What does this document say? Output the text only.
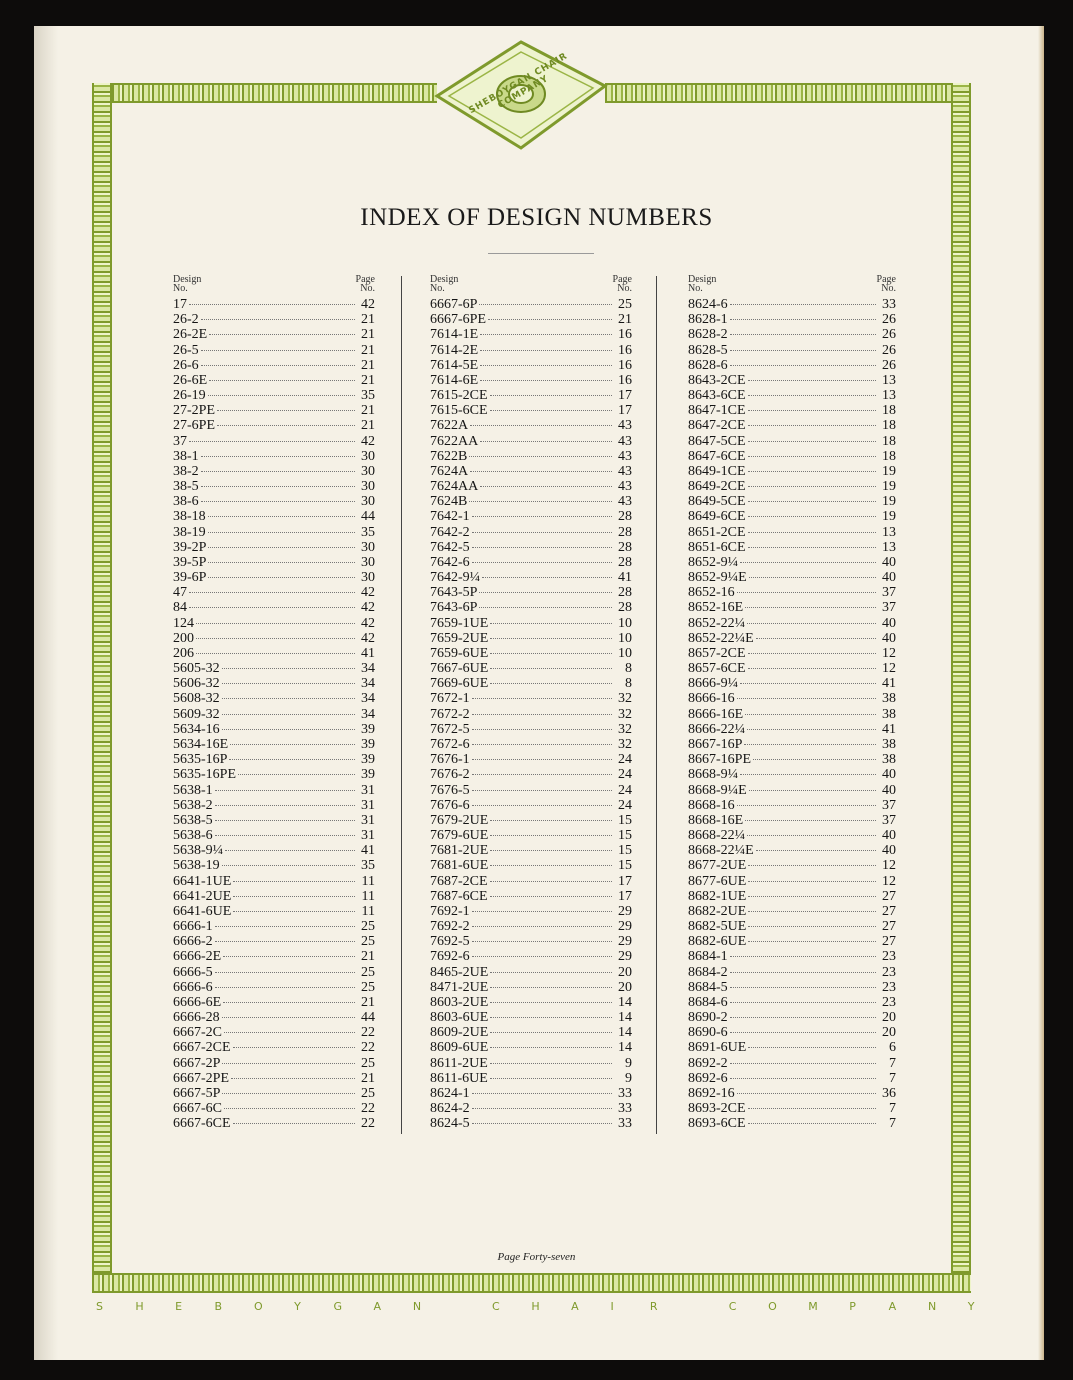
SHEBOYGAN CHAIR COMPANY
INDEX OF DESIGN NUMBERS
Design
No.
Page
No.
17	42
26-2	21
26-2E	21
26-5	21
26-6	21
26-6E	21
26-19	35
27-2PE	21
27-6PE	21
37	42
38-1	30
38-2	30
38-5	30
38-6	30
38-18	44
38-19	35
39-2P	30
39-5P	30
39-6P	30
47	42
84	42
124	42
200	42
206	41
5605-32	34
5606-32	34
5608-32	34
5609-32	34
5634-16	39
5634-16E	39
5635-16P	39
5635-16PE	39
5638-1	31
5638-2	31
5638-5	31
5638-6	31
5638-9¼	41
5638-19	35
6641-1UE	11
6641-2UE	11
6641-6UE	11
6666-1	25
6666-2	25
6666-2E	21
6666-5	25
6666-6	25
6666-6E	21
6666-28	44
6667-2C	22
6667-2CE	22
6667-2P	25
6667-2PE	21
6667-5P	25
6667-6C	22
6667-6CE	22
Design
No.
Page
No.
6667-6P	25
6667-6PE	21
7614-1E	16
7614-2E	16
7614-5E	16
7614-6E	16
7615-2CE	17
7615-6CE	17
7622A	43
7622AA	43
7622B	43
7624A	43
7624AA	43
7624B	43
7642-1	28
7642-2	28
7642-5	28
7642-6	28
7642-9¼	41
7643-5P	28
7643-6P	28
7659-1UE	10
7659-2UE	10
7659-6UE	10
7667-6UE	8
7669-6UE	8
7672-1	32
7672-2	32
7672-5	32
7672-6	32
7676-1	24
7676-2	24
7676-5	24
7676-6	24
7679-2UE	15
7679-6UE	15
7681-2UE	15
7681-6UE	15
7687-2CE	17
7687-6CE	17
7692-1	29
7692-2	29
7692-5	29
7692-6	29
8465-2UE	20
8471-2UE	20
8603-2UE	14
8603-6UE	14
8609-2UE	14
8609-6UE	14
8611-2UE	9
8611-6UE	9
8624-1	33
8624-2	33
8624-5	33
Design
No.
Page
No.
8624-6	33
8628-1	26
8628-2	26
8628-5	26
8628-6	26
8643-2CE	13
8643-6CE	13
8647-1CE	18
8647-2CE	18
8647-5CE	18
8647-6CE	18
8649-1CE	19
8649-2CE	19
8649-5CE	19
8649-6CE	19
8651-2CE	13
8651-6CE	13
8652-9¼	40
8652-9¼E	40
8652-16	37
8652-16E	37
8652-22¼	40
8652-22¼E	40
8657-2CE	12
8657-6CE	12
8666-9¼	41
8666-16	38
8666-16E	38
8666-22¼	41
8667-16P	38
8667-16PE	38
8668-9¼	40
8668-9¼E	40
8668-16	37
8668-16E	37
8668-22¼	40
8668-22¼E	40
8677-2UE	12
8677-6UE	12
8682-1UE	27
8682-2UE	27
8682-5UE	27
8682-6UE	27
8684-1	23
8684-2	23
8684-5	23
8684-6	23
8690-2	20
8690-6	20
8691-6UE	6
8692-2	7
8692-6	7
8692-16	36
8693-2CE	7
8693-6CE	7
Page Forty-seven
S	H	E	B	O	Y	G	A	N	C	H	A	I	R	C	O	M	P	A	N	Y
